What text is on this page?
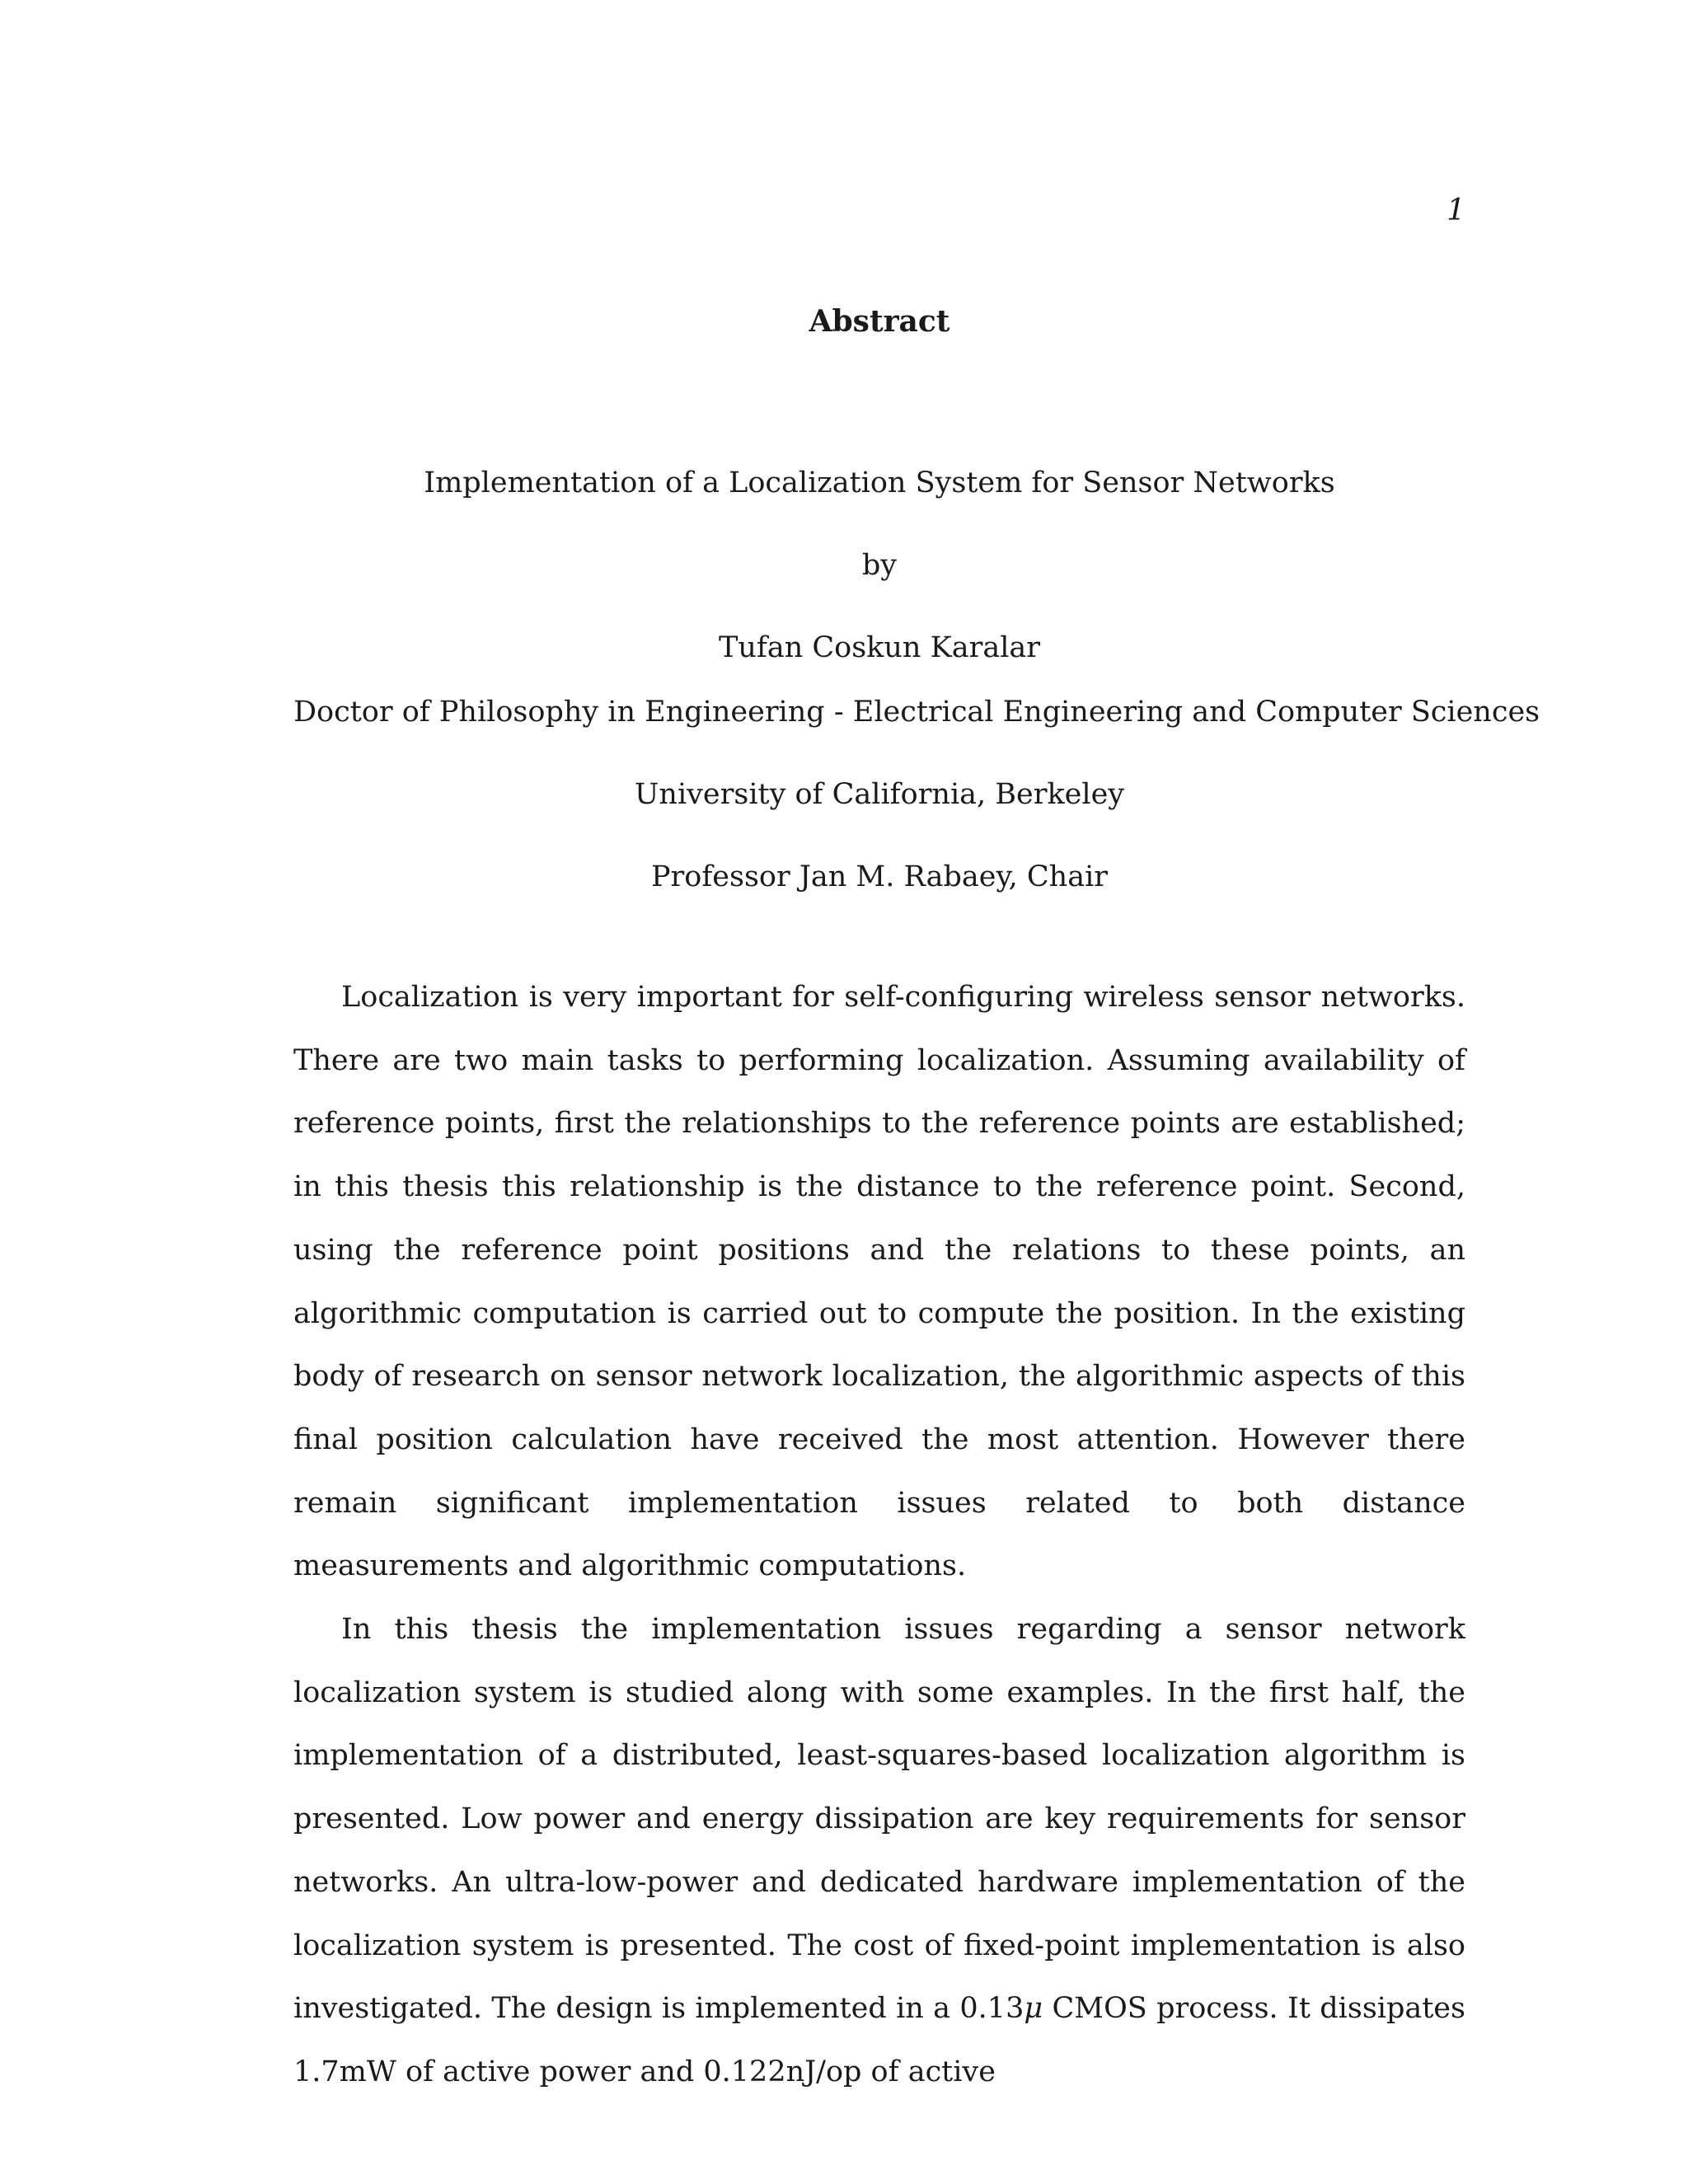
1
Abstract
Implementation of a Localization System for Sensor Networks
by
Tufan Coskun Karalar
Doctor of Philosophy in Engineering - Electrical Engineering and Computer Sciences
University of California, Berkeley
Professor Jan M. Rabaey, Chair

Localization is very important for self-configuring wireless sensor networks. There are two main tasks to performing localization. Assuming availability of reference points, first the relationships to the reference points are established; in this thesis this relationship is the distance to the reference point. Second, using the reference point positions and the relations to these points, an algorithmic computation is carried out to compute the position. In the existing body of research on sensor network localization, the algorithmic aspects of this final position calculation have received the most attention. However there remain significant implementation issues related to both distance measurements and algorithmic computations.

In this thesis the implementation issues regarding a sensor network localization system is studied along with some examples. In the first half, the implementation of a distributed, least-squares-based localization algorithm is presented. Low power and energy dissipation are key requirements for sensor networks. An ultra-low-power and dedicated hardware implementation of the localization system is presented. The cost of fixed-point implementation is also investigated. The design is implemented in a 0.13μ CMOS process. It dissipates 1.7mW of active power and 0.122nJ/op of active
